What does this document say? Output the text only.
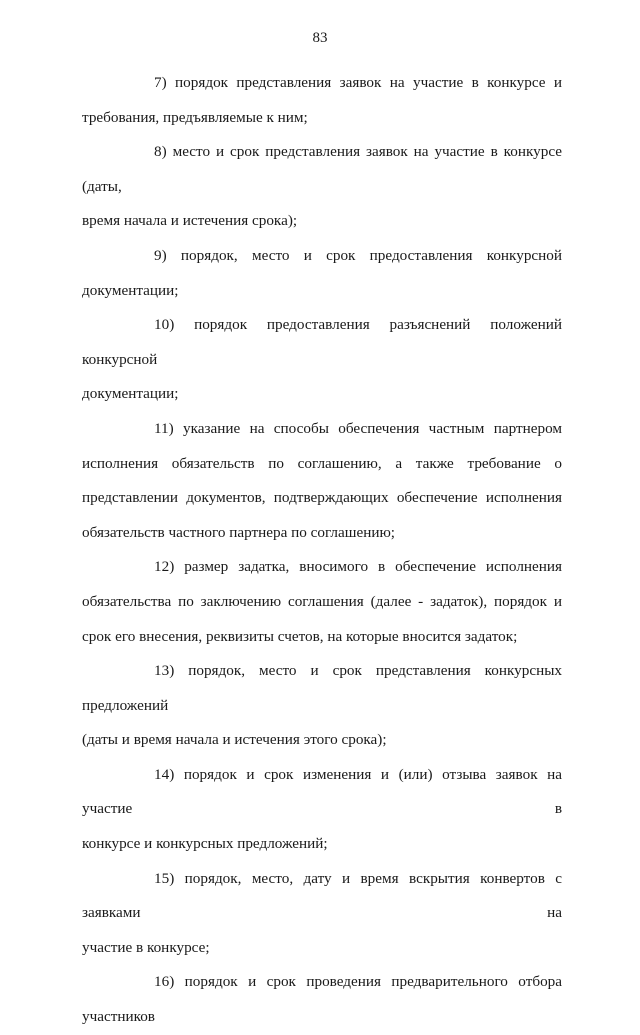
83
7) порядок представления заявок на участие в конкурсе и
требования, предъявляемые к ним;
8) место и срок представления заявок на участие в конкурсе (даты,
время начала и истечения срока);
9) порядок, место и срок предоставления конкурсной документации;
10) порядок предоставления разъяснений положений конкурсной
документации;
11) указание на способы обеспечения частным партнером
исполнения обязательств по соглашению, а также требование о
представлении документов, подтверждающих обеспечение исполнения
обязательств частного партнера по соглашению;
12) размер задатка, вносимого в обеспечение исполнения
обязательства по заключению соглашения (далее - задаток), порядок и
срок его внесения, реквизиты счетов, на которые вносится задаток;
13) порядок, место и срок представления конкурсных предложений
(даты и время начала и истечения этого срока);
14) порядок и срок изменения и (или) отзыва заявок на участие в
конкурсе и конкурсных предложений;
15) порядок, место, дату и время вскрытия конвертов с заявками на
участие в конкурсе;
16) порядок и срок проведения предварительного отбора участников
